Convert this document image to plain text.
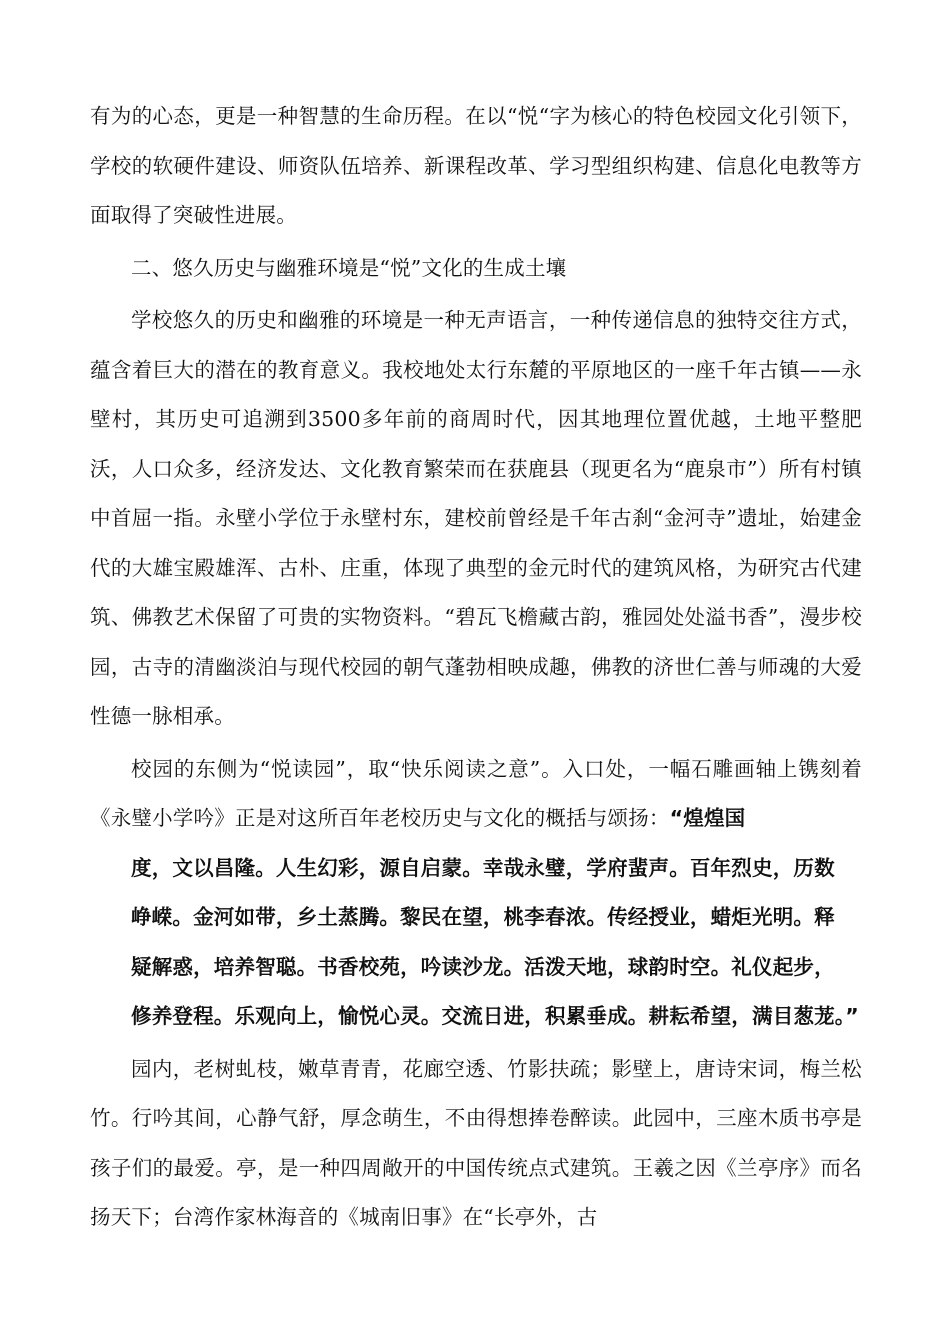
有为的心态，更是一种智慧的生命历程。在以“悦“字为核心的特色校园文化引领下，学校的软硬件建设、师资队伍培养、新课程改革、学习型组织构建、信息化电教等方面取得了突破性进展。

二、悠久历史与幽雅环境是“悦”文化的生成土壤

学校悠久的历史和幽雅的环境是一种无声语言，一种传递信息的独特交往方式，蕴含着巨大的潜在的教育意义。我校地处太行东麓的平原地区的一座千年古镇——永壁村，其历史可追溯到3500多年前的商周时代，因其地理位置优越，土地平整肥沃，人口众多，经济发达、文化教育繁荣而在获鹿县（现更名为“鹿泉市”）所有村镇中首屈一指。永壁小学位于永壁村东，建校前曾经是千年古刹“金河寺”遗址，始建金代的大雄宝殿雄浑、古朴、庄重，体现了典型的金元时代的建筑风格，为研究古代建筑、佛教艺术保留了可贵的实物资料。“碧瓦飞檐藏古韵，雅园处处溢书香”，漫步校园，古寺的清幽淡泊与现代校园的朝气蓬勃相映成趣，佛教的济世仁善与师魂的大爱性德一脉相承。

校园的东侧为“悦读园”，取“快乐阅读之意”。入口处，一幅石雕画轴上镌刻着《永璧小学吟》正是对这所百年老校历史与文化的概括与颂扬：“煌煌国
度，文以昌隆。人生幻彩，源自启蒙。幸哉永璧，学府蜚声。百年烈史，历数
峥嵘。金河如带，乡土蒸腾。黎民在望，桃李春浓。传经授业，蜡炬光明。释
疑解惑，培养智聪。书香校苑，吟读沙龙。活泼天地，球韵时空。礼仪起步，
修养登程。乐观向上，愉悦心灵。交流日进，积累垂成。耕耘希望，满目葱茏。”

园内，老树虬枝，嫩草青青，花廊空透、竹影扶疏；影壁上，唐诗宋词，梅兰松竹。行吟其间，心静气舒，厚念萌生，不由得想捧卷醉读。此园中，三座木质书亭是孩子们的最爱。亭，是一种四周敞开的中国传统点式建筑。王羲之因《兰亭序》而名扬天下；台湾作家林海音的《城南旧事》在“长亭外，古
